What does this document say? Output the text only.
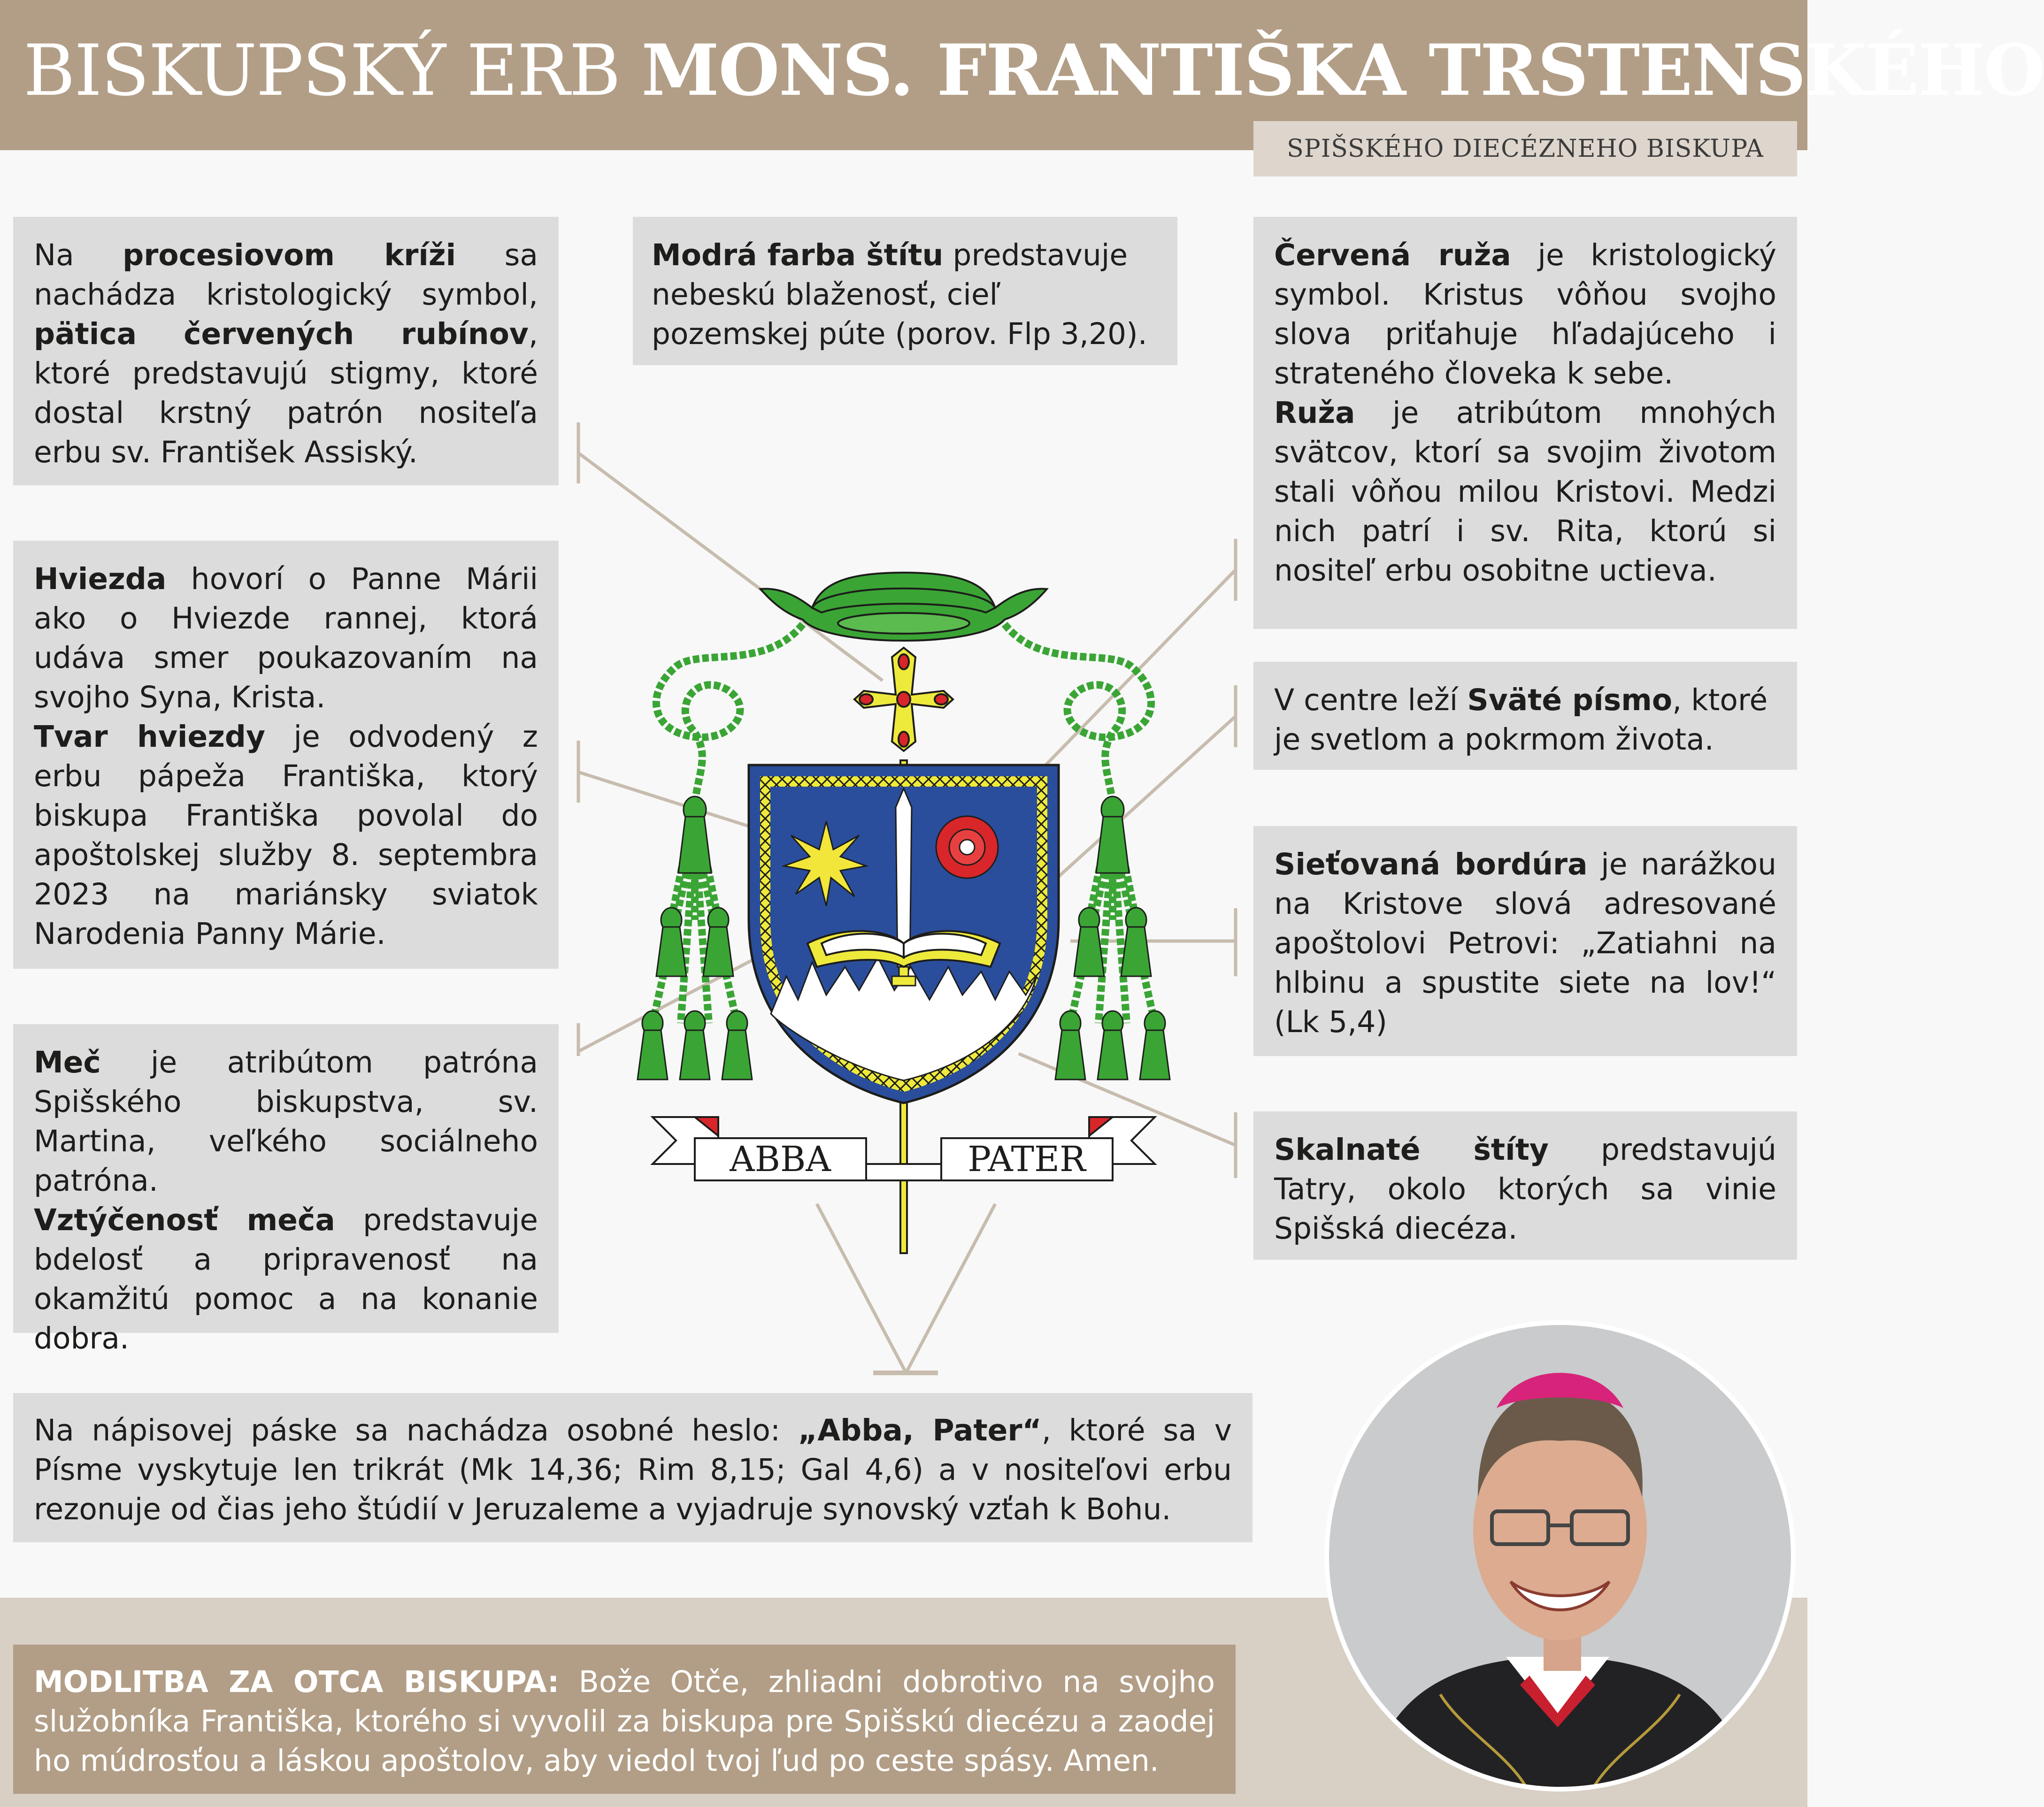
BISKUPSKÝ ERB MONS. FRANTIŠKA TRSTENSKÉHO
SPIŠSKÉHO DIECÉZNEHO BISKUPA

Na procesiovom kríži sa nachádza kristologický symbol, pätica červených rubínov, ktoré predstavujú stigmy, ktoré dostal krstný patrón nositeľa erbu sv. František Assiský.

Modrá farba štítu predstavuje nebeskú blaženosť, cieľ pozemskej púte (porov. Flp 3,20).

Červená ruža je kristologický symbol. Kristus vôňou svojho slova priťahuje hľadajúceho i strateného človeka k sebe.

Ruža je atribútom mnohých svätcov, ktorí sa svojim životom stali vôňou milou Kristovi. Medzi nich patrí i sv. Rita, ktorú si nositeľ erbu osobitne uctieva.

Hviezda hovorí o Panne Márii ako o Hviezde rannej, ktorá udáva smer poukazovaním na svojho Syna, Krista.

Tvar hviezdy je odvodený z erbu pápeža Františka, ktorý biskupa Františka povolal do apoštolskej služby 8. septembra 2023 na mariánsky sviatok Narodenia Panny Márie.

V centre leží Sväté písmo, ktoré je svetlom a pokrmom života.

Sieťovaná bordúra je narážkou na Kristove slová adresované apoštolovi Petrovi: „Zatiahni na hlbinu a spustite siete na lov!“ (Lk 5,4)

Meč je atribútom patróna Spišského biskupstva, sv. Martina, veľkého sociálneho patróna.

Vztýčenosť meča predstavuje bdelosť a pripravenosť na okamžitú pomoc a na konanie dobra.

Skalnaté štíty predstavujú Tatry, okolo ktorých sa vinie Spišská diecéza.

Na nápisovej páske sa nachádza osobné heslo: „Abba, Pater“, ktoré sa v Písme vyskytuje len trikrát (Mk 14,36; Rim 8,15; Gal 4,6) a v nositeľovi erbu rezonuje od čias jeho štúdií v Jeruzaleme a vyjadruje synovský vzťah k Bohu.

MODLITBA ZA OTCA BISKUPA: Bože Otče, zhliadni dobrotivo na svojho služobníka Františka, ktorého si vyvolil za biskupa pre Spišskú diecézu a zaodej ho múdrosťou a láskou apoštolov, aby viedol tvoj ľud po ceste spásy. Amen.

ABBA	PATER
